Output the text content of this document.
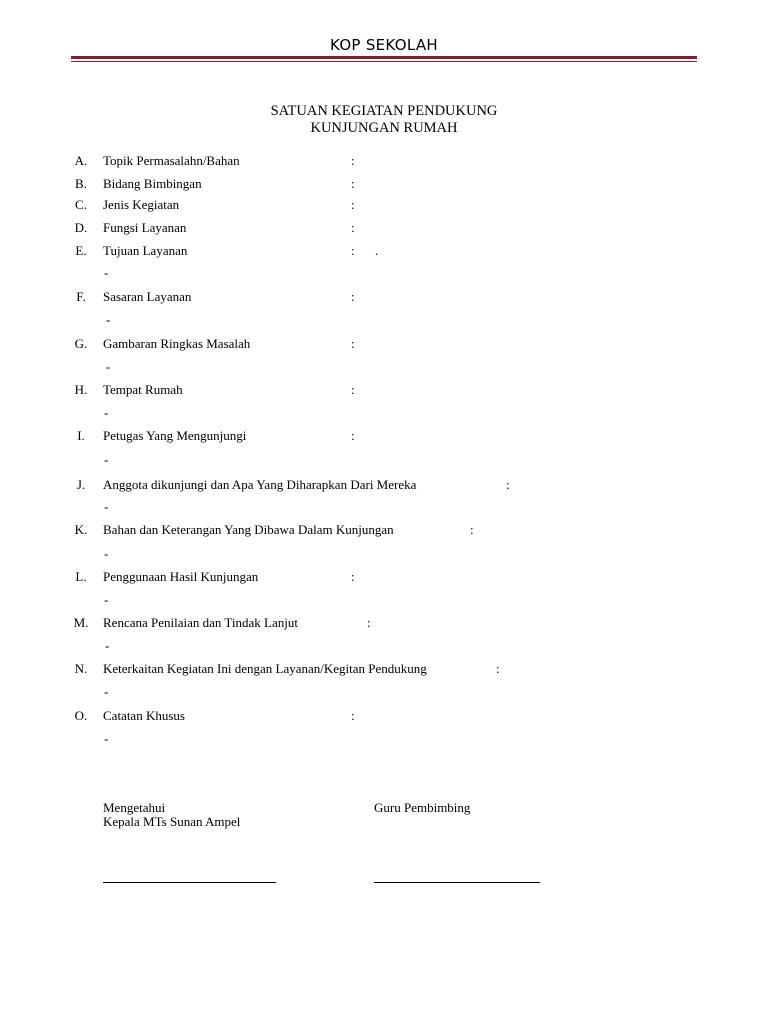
KOP SEKOLAH
SATUAN KEGIATAN PENDUKUNG
KUNJUNGAN RUMAH
A.	Topik Permasalahn/Bahan	:
B.	Bidang Bimbingan	:
C.	Jenis Kegiatan	:
D.	Fungsi Layanan	:
E.	Tujuan Layanan	: .
-
F.	Sasaran Layanan	:
-
G.	Gambaran Ringkas Masalah	:
-
H.	Tempat Rumah	:
-
I.	Petugas Yang Mengunjungi	:
-
J.	Anggota dikunjungi dan Apa Yang Diharapkan Dari Mereka	:
-
K.	Bahan dan Keterangan Yang Dibawa Dalam Kunjungan	:
-
L.	Penggunaan Hasil Kunjungan	:
-
M.	Rencana Penilaian dan Tindak Lanjut	:
-
N.	Keterkaitan Kegiatan Ini dengan Layanan/Kegitan Pendukung	:
-
O.	Catatan Khusus	:
-
Mengetahui
Kepala MTs Sunan Ampel
Guru Pembimbing
